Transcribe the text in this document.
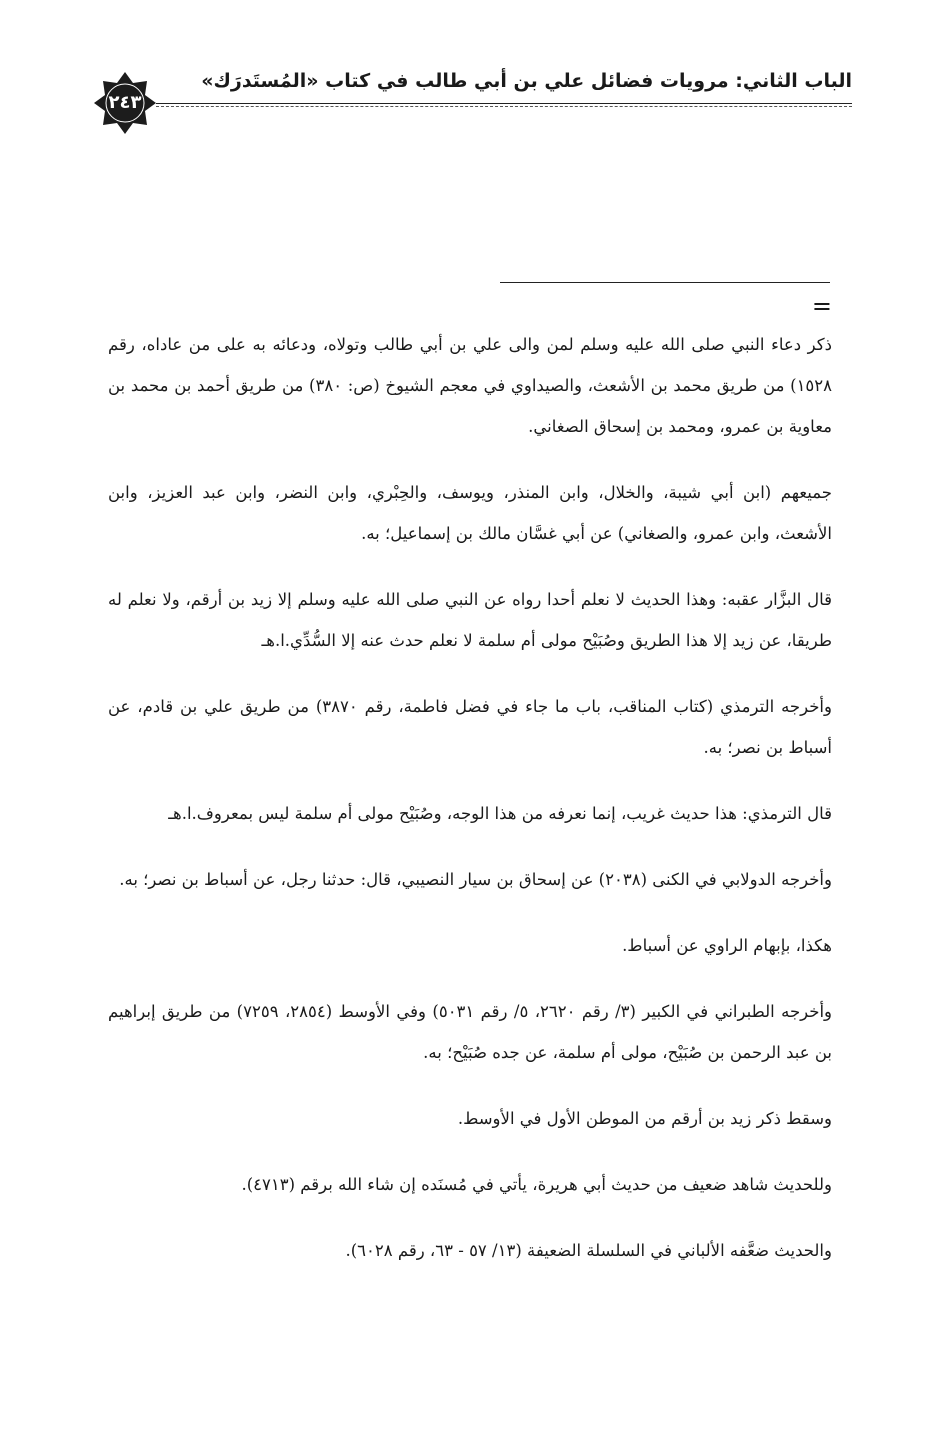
الباب الثاني: مرويات فضائل علي بن أبي طالب في كتاب «المُستَدرَك»
٢٤٣
=

ذكر دعاء النبي صلى الله عليه وسلم لمن والى علي بن أبي طالب وتولاه، ودعائه به على من عاداه، رقم ١٥٢٨) من طريق محمد بن الأشعث، والصيداوي في معجم الشيوخ (ص: ٣٨٠) من طريق أحمد بن محمد بن معاوية بن عمرو، ومحمد بن إسحاق الصغاني.

جميعهم (ابن أبي شيبة، والخلال، وابن المنذر، ويوسف، والحِبْري، وابن النضر، وابن عبد العزيز، وابن الأشعث، وابن عمرو، والصغاني) عن أبي غسَّان مالك بن إسماعيل؛ به.

قال البزَّار عقبه: وهذا الحديث لا نعلم أحدا رواه عن النبي صلى الله عليه وسلم إلا زيد بن أرقم، ولا نعلم له طريقا، عن زيد إلا هذا الطريق وصُبَيْح مولى أم سلمة لا نعلم حدث عنه إلا السُّدِّي.ا.هـ

وأخرجه الترمذي (كتاب المناقب، باب ما جاء في فضل فاطمة، رقم ٣٨٧٠) من طريق علي بن قادم، عن أسباط بن نصر؛ به.

قال الترمذي: هذا حديث غريب، إنما نعرفه من هذا الوجه، وصُبَيْح مولى أم سلمة ليس بمعروف.ا.هـ

وأخرجه الدولابي في الكنى (٢٠٣٨) عن إسحاق بن سيار النصيبي، قال: حدثنا رجل، عن أسباط بن نصر؛ به.

هكذا، بإبهام الراوي عن أسباط.

وأخرجه الطبراني في الكبير (٣/ رقم ٢٦٢٠، ٥/ رقم ٥٠٣١) وفي الأوسط (٢٨٥٤، ٧٢٥٩) من طريق إبراهيم بن عبد الرحمن بن صُبَيْح، مولى أم سلمة، عن جده صُبَيْح؛ به.

وسقط ذكر زيد بن أرقم من الموطن الأول في الأوسط.

وللحديث شاهد ضعيف من حديث أبي هريرة، يأتي في مُسنَده إن شاء الله برقم (٤٧١٣).

والحديث ضعَّفه الألباني في السلسلة الضعيفة (١٣/ ٥٧ - ٦٣، رقم ٦٠٢٨).
